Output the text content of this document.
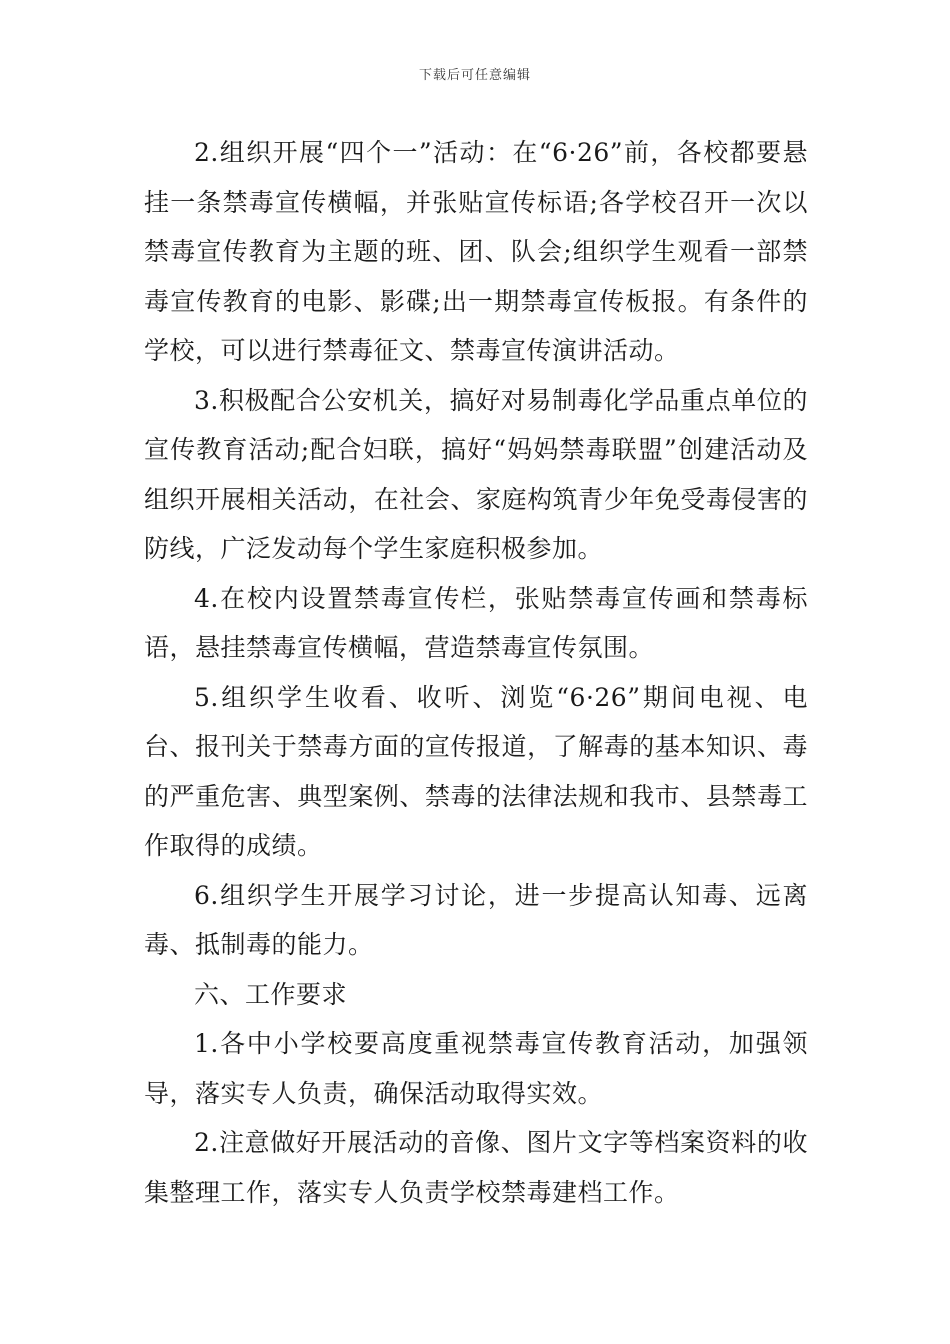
下载后可任意编辑

2.组织开展“四个一”活动：在“6·26”前，各校都要悬挂一条禁毒宣传横幅，并张贴宣传标语;各学校召开一次以禁毒宣传教育为主题的班、团、队会;组织学生观看一部禁毒宣传教育的电影、影碟;出一期禁毒宣传板报。有条件的学校，可以进行禁毒征文、禁毒宣传演讲活动。

3.积极配合公安机关，搞好对易制毒化学品重点单位的宣传教育活动;配合妇联，搞好“妈妈禁毒联盟”创建活动及组织开展相关活动，在社会、家庭构筑青少年免受毒侵害的防线，广泛发动每个学生家庭积极参加。

4.在校内设置禁毒宣传栏，张贴禁毒宣传画和禁毒标语，悬挂禁毒宣传横幅，营造禁毒宣传氛围。

5.组织学生收看、收听、浏览“6·26”期间电视、电台、报刊关于禁毒方面的宣传报道，了解毒的基本知识、毒的严重危害、典型案例、禁毒的法律法规和我市、县禁毒工作取得的成绩。

6.组织学生开展学习讨论，进一步提高认知毒、远离毒、抵制毒的能力。

六、工作要求

1.各中小学校要高度重视禁毒宣传教育活动，加强领导，落实专人负责，确保活动取得实效。

2.注意做好开展活动的音像、图片文字等档案资料的收集整理工作，落实专人负责学校禁毒建档工作。
